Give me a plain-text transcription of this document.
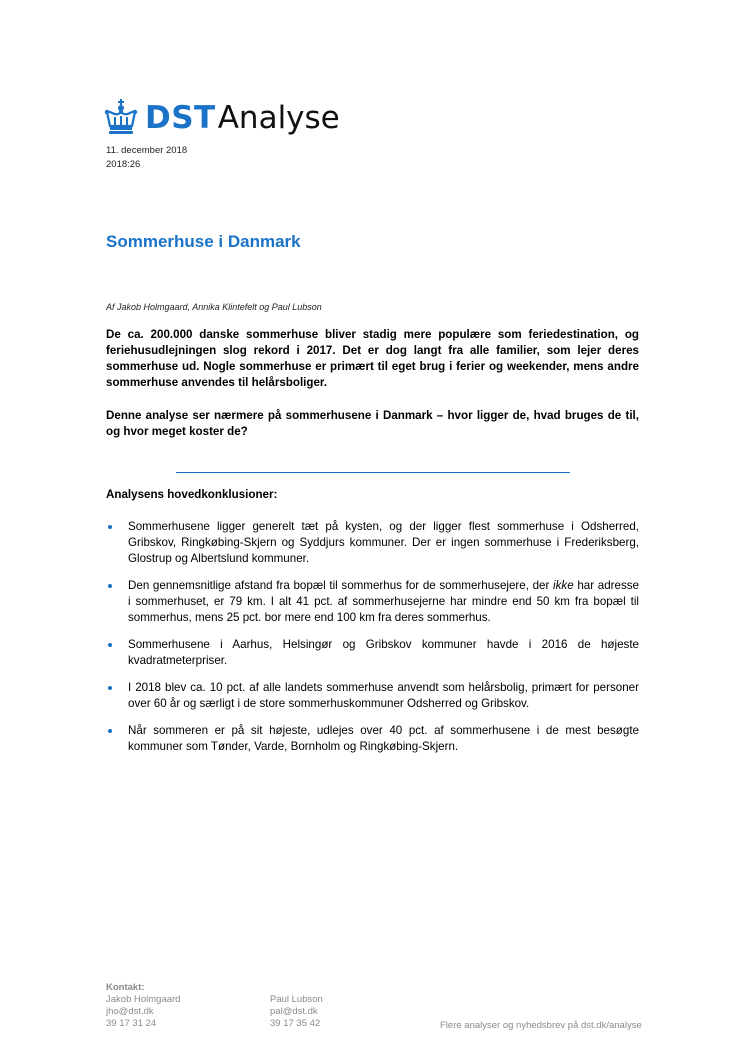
DST Analyse
11. december 2018
2018:26
Sommerhuse i Danmark
Af Jakob Holmgaard, Annika Klintefelt og Paul Lubson

De ca. 200.000 danske sommerhuse bliver stadig mere populære som feriedestination, og feriehusudlejningen slog rekord i 2017. Det er dog langt fra alle familier, som lejer deres sommerhuse ud. Nogle sommerhuse er primært til eget brug i ferier og weekender, mens andre sommerhuse anvendes til helårsboliger.

Denne analyse ser nærmere på sommerhusene i Danmark – hvor ligger de, hvad bruges de til, og hvor meget koster de?

Analysens hovedkonklusioner:
Sommerhusene ligger generelt tæt på kysten, og der ligger flest sommerhuse i Odsherred, Gribskov, Ringkøbing-Skjern og Syddjurs kommuner. Der er ingen sommerhuse i Frederiksberg, Glostrup og Albertslund kommuner.
Den gennemsnitlige afstand fra bopæl til sommerhus for de sommerhusejere, der ikke har adresse i sommerhuset, er 79 km. I alt 41 pct. af sommerhusejerne har mindre end 50 km fra bopæl til sommerhus, mens 25 pct. bor mere end 100 km fra deres sommerhus.
Sommerhusene i Aarhus, Helsingør og Gribskov kommuner havde i 2016 de højeste kvadratmeterpriser.
I 2018 blev ca. 10 pct. af alle landets sommerhuse anvendt som helårsbolig, primært for personer over 60 år og særligt i de store sommerhuskommuner Odsherred og Gribskov.
Når sommeren er på sit højeste, udlejes over 40 pct. af sommerhusene i de mest besøgte kommuner som Tønder, Varde, Bornholm og Ringkøbing-Skjern.
Kontakt:
Jakob Holmgaard
jho@dst.dk
39 17 31 24
Paul Lubson
pal@dst.dk
39 17 35 42	Flere analyser og nyhedsbrev på dst.dk/analyse
